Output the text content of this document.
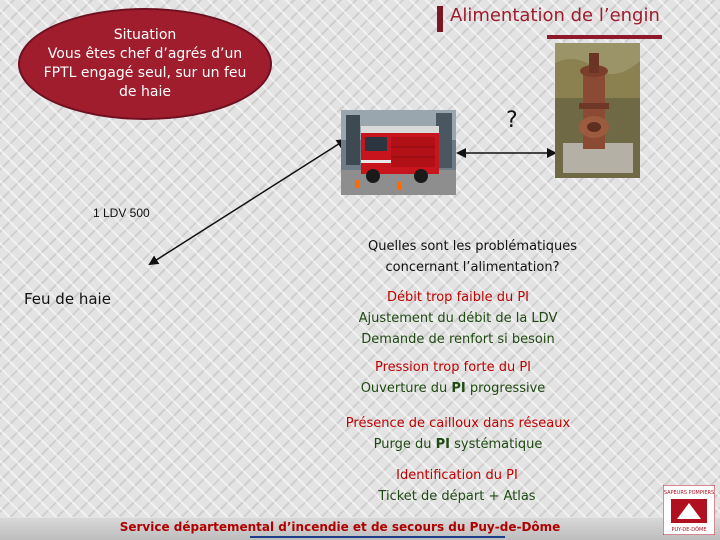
Situation
Vous êtes chef d’agrés d’un
FPTL engagé seul, sur un feu
de haie
Alimentation de l’engin
?
1 LDV 500
Feu de haie
Quelles sont les problématiques
concernant l’alimentation?
Débit trop faible du PI
Ajustement du débit de la LDV
Demande de renfort si besoin
Pression trop forte du PI
Ouverture du PI progressive
Présence de cailloux dans réseaux
Purge du PI systématique
Identification du PI
Ticket de départ + Atlas
Service départemental d’incendie et de secours du Puy-de-Dôme
SAPEURS POMPIERS
PUY-DE-DÔME
